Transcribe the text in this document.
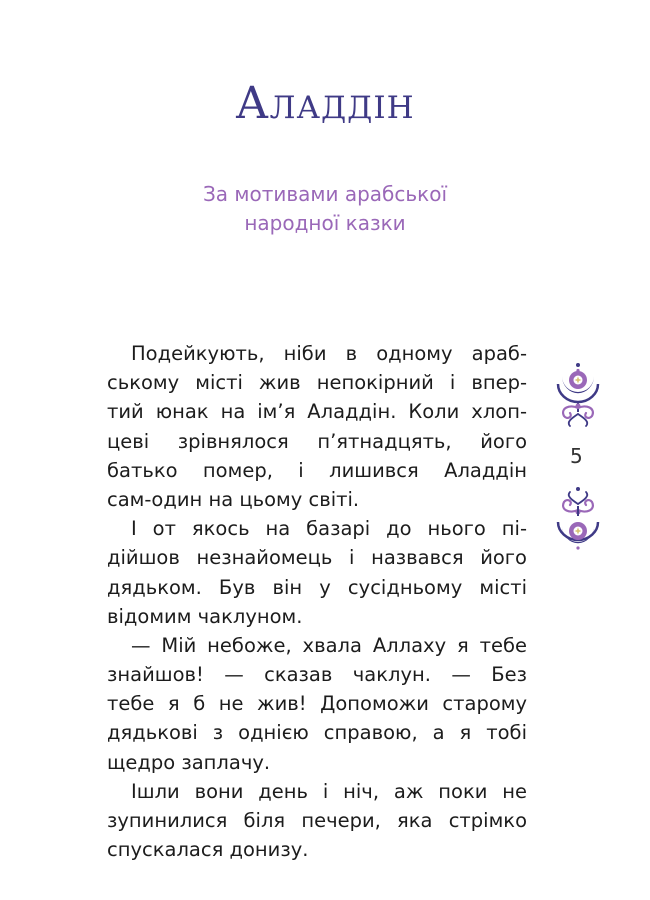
Аладдін
За мотивами арабської
народної казки
Подейкують, ніби в одному араб-
ському місті жив непокірний і впер-
тий юнак на ім’я Аладдін. Коли хлоп-
цеві зрівнялося п’ятнадцять, його
батько помер, і лишився Аладдін
сам-один на цьому світі.
І от якось на базарі до нього пі-
дійшов незнайомець і назвався його
дядьком. Був він у сусідньому місті
відомим чаклуном.
— Мій небоже, хвала Аллаху я тебе
знайшов! — сказав чаклун. — Без
тебе я б не жив! Допоможи старому
дядькові з однією справою, а я тобі
щедро заплачу.
Ішли вони день і ніч, аж поки не
зупинилися біля печери, яка стрімко
спускалася донизу.
5
